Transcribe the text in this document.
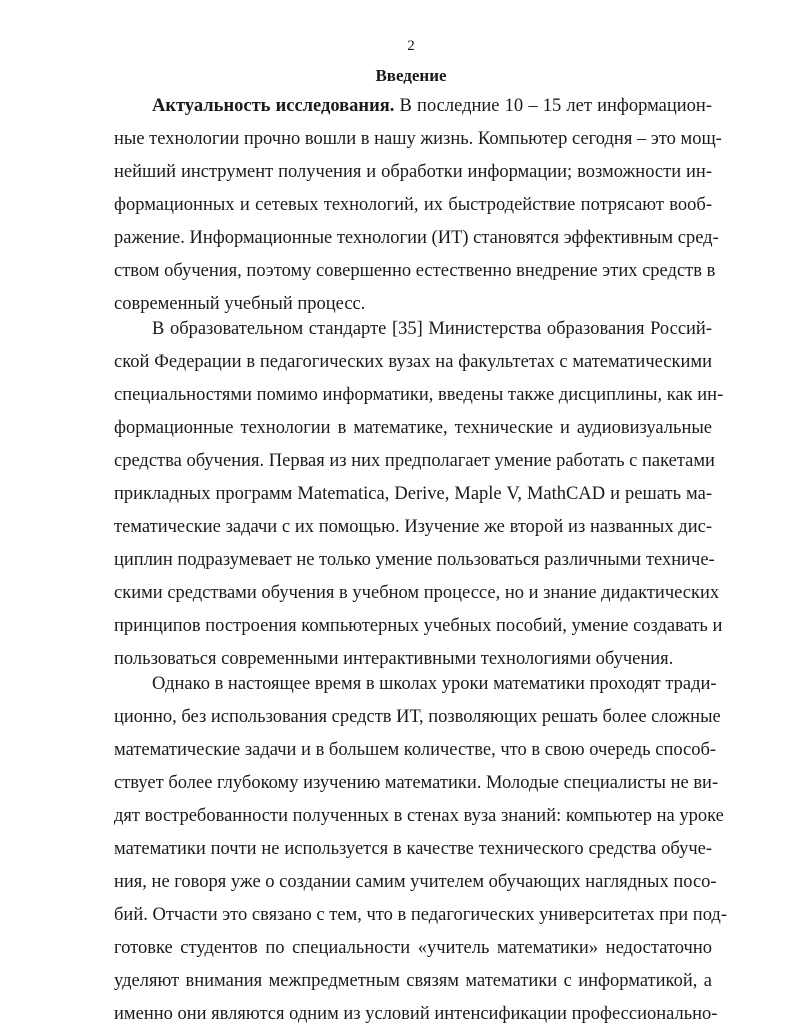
2
Введение
Актуальность исследования. В последние 10 – 15 лет информацион-
ные технологии прочно вошли в нашу жизнь. Компьютер сегодня – это мощ-
нейший инструмент получения и обработки информации; возможности ин-
формационных и сетевых технологий, их быстродействие потрясают вооб-
ражение. Информационные технологии (ИТ) становятся эффективным сред-
ством обучения, поэтому совершенно естественно внедрение этих средств в
современный учебный процесс.
В образовательном стандарте [35] Министерства образования Россий-
ской Федерации в педагогических вузах на факультетах с математическими
специальностями помимо информатики, введены также дисциплины, как ин-
формационные технологии в математике, технические и аудиовизуальные
средства обучения. Первая из них предполагает умение работать с пакетами
прикладных программ Matematica, Derive, Maple V, MathCAD и решать ма-
тематические задачи с их помощью. Изучение же второй из названных дис-
циплин подразумевает не только умение пользоваться различными техниче-
скими средствами обучения в учебном процессе, но и знание дидактических
принципов построения компьютерных учебных пособий, умение создавать и
пользоваться современными интерактивными технологиями обучения.
Однако в настоящее время в школах уроки математики проходят тради-
ционно, без использования средств ИТ, позволяющих решать более сложные
математические задачи и в большем количестве, что в свою очередь способ-
ствует более глубокому изучению математики. Молодые специалисты не ви-
дят востребованности полученных в стенах вуза знаний: компьютер на уроке
математики почти не используется в качестве технического средства обуче-
ния, не говоря уже о создании самим учителем обучающих наглядных посо-
бий. Отчасти это связано с тем, что в педагогических университетах при под-
готовке студентов по специальности «учитель математики» недостаточно
уделяют внимания межпредметным связям математики с информатикой, а
именно они являются одним из условий интенсификации профессионально-
